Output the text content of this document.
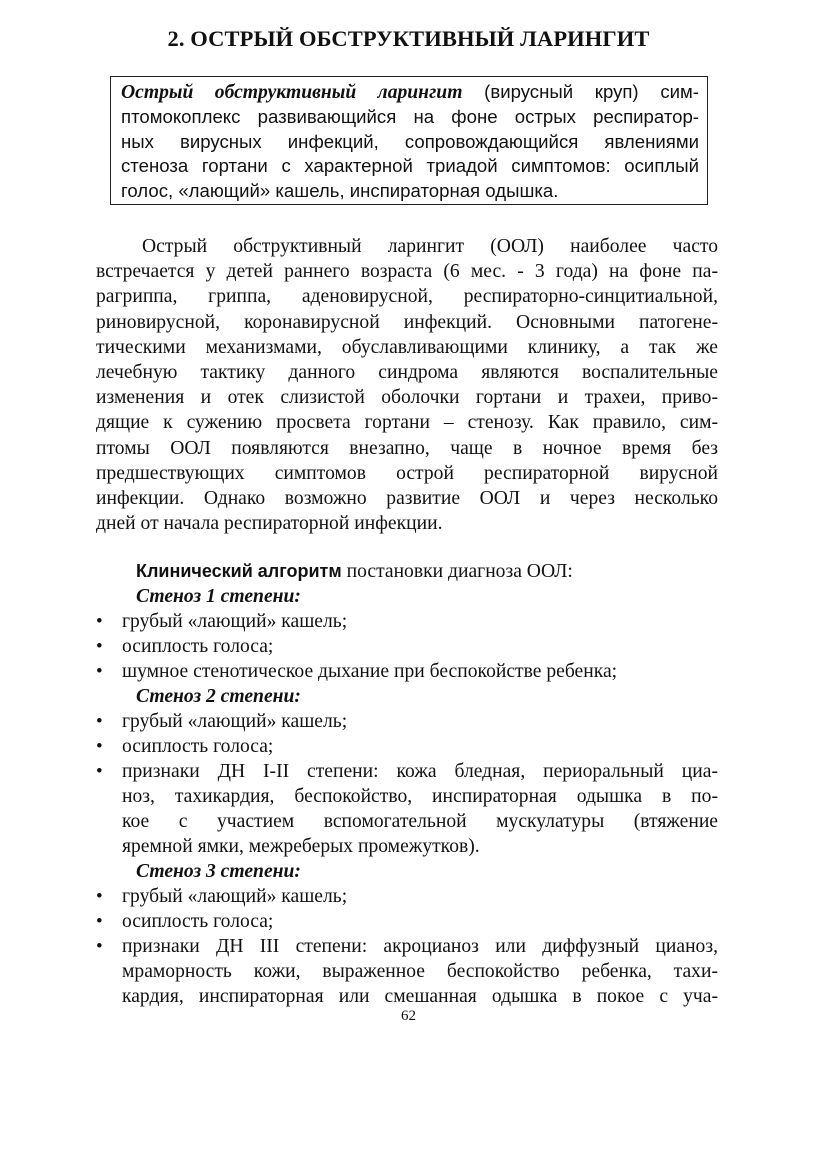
2. ОСТРЫЙ ОБСТРУКТИВНЫЙ ЛАРИНГИТ
Острый обструктивный ларингит (вирусный круп) сим-
птомокоплекс развивающийся на фоне острых респиратор-
ных вирусных инфекций, сопровождающийся явлениями
стеноза гортани с характерной триадой симптомов: осиплый
голос, «лающий» кашель, инспираторная одышка.
Острый обструктивный ларингит (ООЛ) наиболее часто
встречается у детей раннего возраста (6 мес. - 3 года) на фоне па-
рагриппа, гриппа, аденовирусной, респираторно-синцитиальной,
риновирусной, коронавирусной инфекций. Основными патогене-
тическими механизмами, обуславливающими клинику, а так же
лечебную тактику данного синдрома являются воспалительные
изменения и отек слизистой оболочки гортани и трахеи, приво-
дящие к сужению просвета гортани – стенозу. Как правило, сим-
птомы ООЛ появляются внезапно, чаще в ночное время без
предшествующих симптомов острой респираторной вирусной
инфекции. Однако возможно развитие ООЛ и через несколько
дней от начала респираторной инфекции.
Клинический алгоритм постановки диагноза ООЛ:
Стеноз 1 степени:
• грубый «лающий» кашель;
• осиплость голоса;
• шумное стенотическое дыхание при беспокойстве ребенка;
Стеноз 2 степени:
• грубый «лающий» кашель;
• осиплость голоса;
• признаки ДН I-II степени: кожа бледная, периоральный циа-
ноз, тахикардия, беспокойство, инспираторная одышка в по-
кое с участием вспомогательной мускулатуры (втяжение
яремной ямки, межреберых промежутков).
Стеноз 3 степени:
• грубый «лающий» кашель;
• осиплость голоса;
• признаки ДН III степени: акроцианоз или диффузный цианоз,
мраморность кожи, выраженное беспокойство ребенка, тахи-
кардия, инспираторная или смешанная одышка в покое с уча-
62
